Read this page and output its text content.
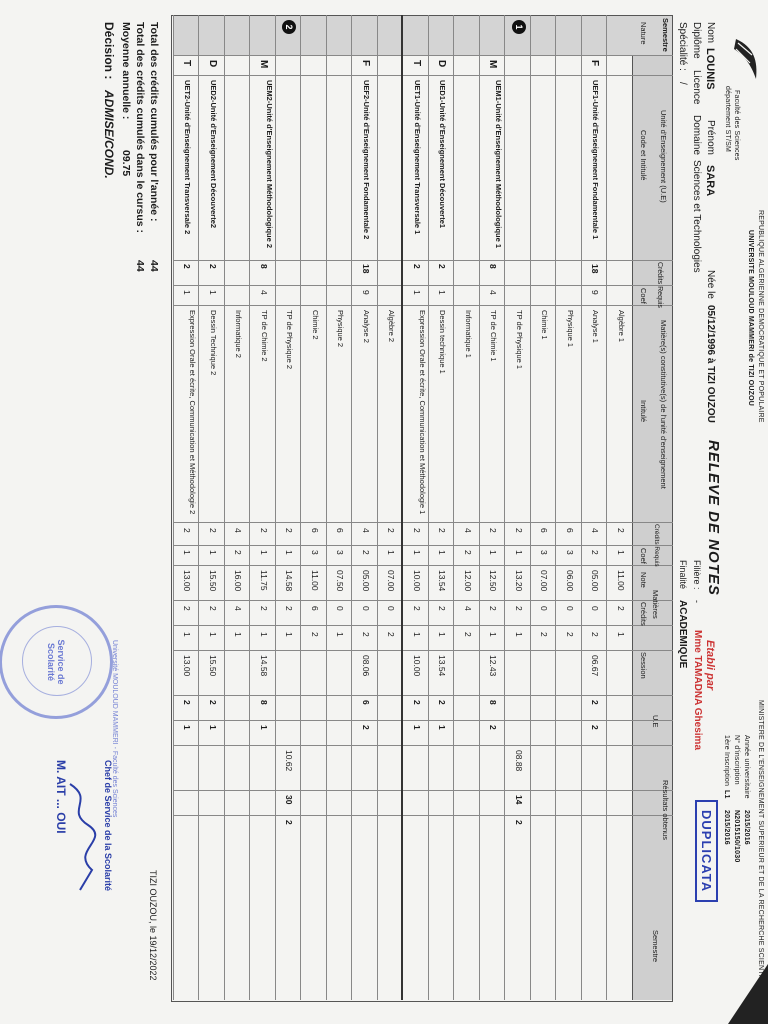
REPUBLIQUE ALGERIENNE DEMOCRATIQUE ET POPULAIRE
MINISTERE DE L'ENSEIGNEMENT SUPERIEUR ET DE LA RECHERCHE SCIENTIFIQUE
UNIVERSITE MOULOUD MAMMERI de TIZI OUZOU
Faculté des Sciences
département ST/SM
Année universitaire
2015/2016
N° d'inscription
N2015150/1030
1ère Inscription
L1
2015/2016
RELEVE DE NOTES
Etabli par
Mme TAMADNA Ghesima
DUPLICATA
Nom
LOUNIS
Prénom
SARA
Née le
05/12/1996 à TIZI OUZOU
Diplôme
Licence
Domaine
Sciences et Technologies
Filière :
-
Spécialité :
/
Finalité
ACADEMIQUE
Semestre
Nature
Unité d'Enseignement (U.E)
Code et Intitulé
Crédits Requis
Coef
Matière(s) constitutive(s) de l'unité d'enseignement
Intitulé
Crédits Requis
Coef
Résultats obtenus
Matières
U.E
Semestre
Note
Crédits
Session
Algèbre 1
2
1
11.00
2
1
F
UEF1-Unité d'Enseignement Fondamentale 1
18
9
Analyse 1
4
2
05.00
0
2
06.67
2
2
Physique 1
6
3
06.00
0
2
Chimie 1
6
3
07.00
0
2
1
TP de Physique 1
2
1
13.20
2
1
08.88
14
2
M
UEM1-Unité d'Enseignement Méthodologique 1
8
4
TP de Chimie 1
2
1
12.50
2
1
12.43
8
2
Informatique 1
4
2
12.00
4
2
D
UED1-Unité d'Enseignement Découverte1
2
1
Dessin technique 1
2
1
13.54
2
1
13.54
2
1
T
UET1-Unité d'Enseignement Transversale 1
2
1
Expression Orale et écrite, Communication et Méthodologie 1
2
1
10.00
2
1
10.00
2
1
Algèbre 2
2
1
07.00
0
2
F
UEF2-Unité d'Enseignement Fondamentale 2
18
9
Analyse 2
4
2
05.00
0
2
08.06
6
2
Physique 2
6
3
07.50
0
1
Chimie 2
6
3
11.00
6
2
2
TP de Physique 2
2
1
14.58
2
1
10.62
30
2
M
UEM2-Unité d'Enseignement Méthodologique 2
8
4
TP de Chimie 2
2
1
11.75
2
1
14.58
8
1
Informatique 2
4
2
16.00
4
1
D
UED2-Unité d'Enseignement Découverte2
2
1
Dessin Technique 2
2
1
15.50
2
1
15.50
2
1
T
UET2-Unité d'Enseignement Transversale 2
2
1
Expression Orale et écrite, Communication et Méthodologie 2
2
1
13.00
2
1
13.00
2
1
Total des crédits cumulés pour l'année :
44
Total des crédits cumulés dans le cursus :
44
Moyenne annuelle :
09.75
Décision :
ADMISE/COND.
TIZI OUZOU, le 19/12/2022
Service de Scolarité	Université MOULOUD MAMMERI - Faculté des Sciences
Chef de Service de la Scolarité
M. AIT ... OUI
